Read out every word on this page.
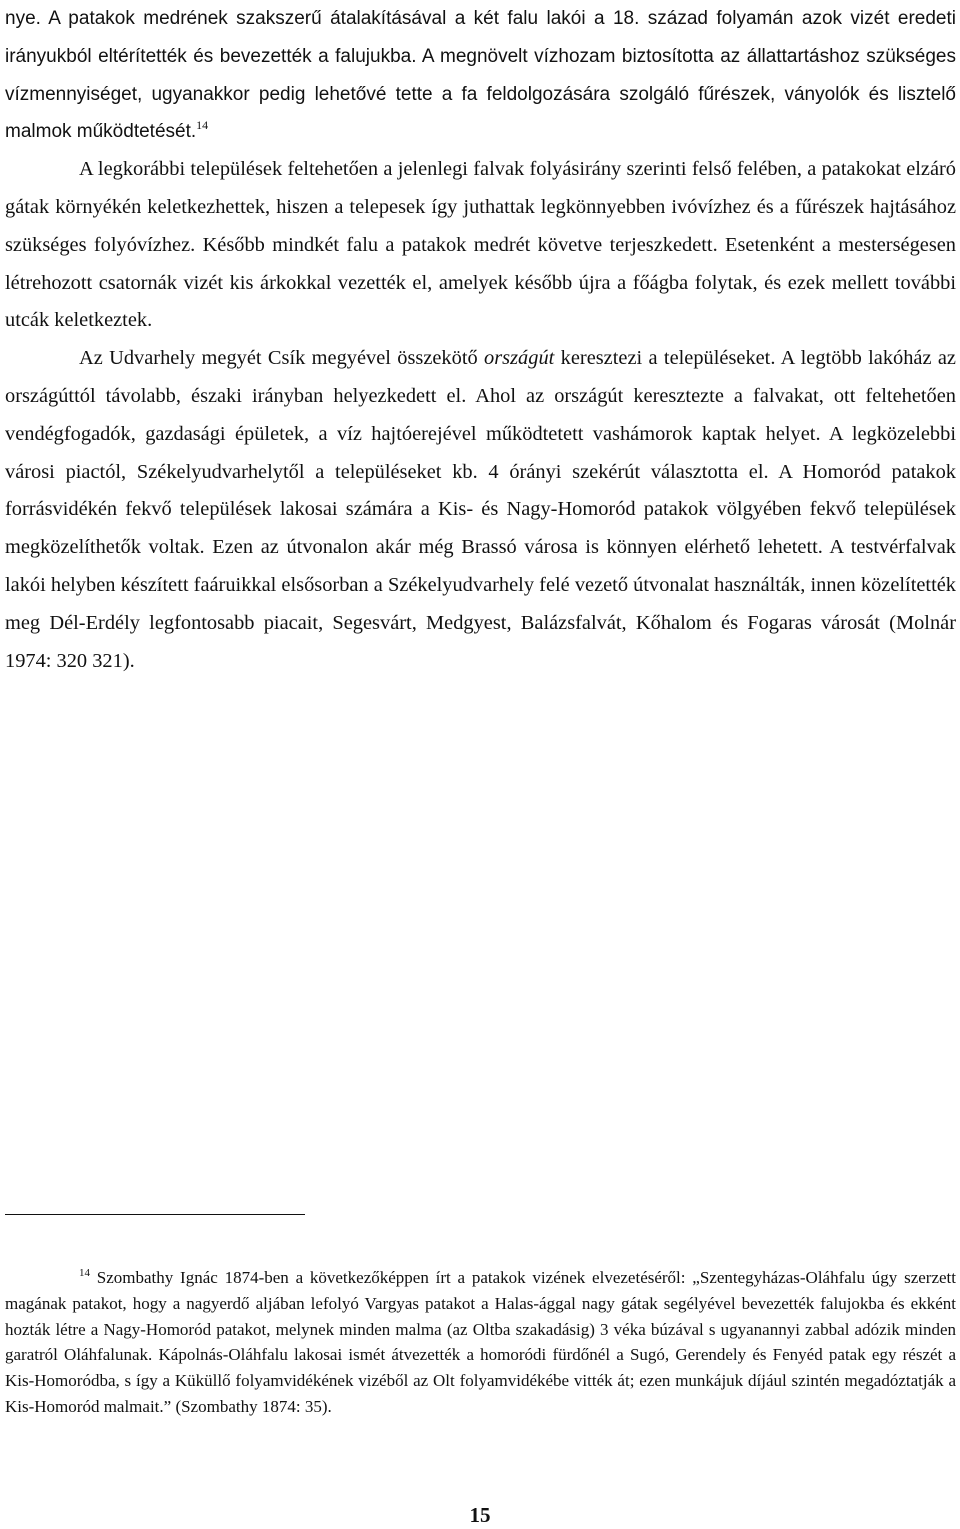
nye. A patakok medrének szakszerű átalakításával a két falu lakói a 18. század folyamán azok vizét eredeti irányukból eltérítették és bevezették a falujukba. A megnövelt vízhozam biztosította az állattartáshoz szükséges vízmennyiséget, ugyanakkor pedig lehetővé tette a fa feldolgozására szolgáló fűrészek, ványolók és lisztelő malmok működtetését.$^{14}$

A legkorábbi települések feltehetően a jelenlegi falvak folyásirány szerinti felső felében, a patakokat elzáró gátak környékén keletkezhettek, hiszen a telepesek így juthattak legkönnyebben ivóvízhez és a fűrészek hajtásához szükséges folyóvízhez. Később mindkét falu a patakok medrét követve terjeszkedett. Esetenként a mesterségesen létrehozott csatornák vizét kis árkokkal vezették el, amelyek később újra a főágba folytak, és ezek mellett további utcák keletkeztek.

Az Udvarhely megyét Csík megyével összekötő országút keresztezi a településeket. A legtöbb lakóház az országúttól távolabb, északi irányban helyezkedett el. Ahol az országút keresztezte a falvakat, ott feltehetően vendégfogadók, gazdasági épületek, a víz hajtóerejével működtetett vashámorok kaptak helyet. A legközelebbi városi piactól, Székelyudvarhelytől a településeket kb. 4 órányi szekérút választotta el. A Homoród patakok forrásvidékén fekvő települések lakosai számára a Kis- és Nagy-Homoród patakok völgyében fekvő települések megközelíthetők voltak. Ezen az útvonalon akár még Brassó városa is könnyen elérhető lehetett. A testvérfalvak lakói helyben készített faáruikkal elsősorban a Székelyudvarhely felé vezető útvonalat használták, innen közelítették meg Dél-Erdély legfontosabb piacait, Segesvárt, Medgyest, Balázsfalvát, Kőhalom és Fogaras városát (Molnár 1974: 320 321).

$^{14}$ Szombathy Ignác 1874-ben a következőképpen írt a patakok vizének elvezetéséről: „Szentegyházas-Oláhfalu úgy szerzett magának patakot, hogy a nagyerdő aljában lefolyó Vargyas patakot a Halas-ággal nagy gátak segélyével bevezették falujokba és ekként hozták létre a Nagy-Homoród patakot, melynek minden malma (az Oltba szakadásig) 3 véka búzával s ugyanannyi zabbal adózik minden garatról Oláhfalunak. Kápolnás-Oláhfalu lakosai ismét átvezették a homoródi fürdőnél a Sugó, Gerendely és Fenyéd patak egy részét a Kis-Homoródba, s így a Küküllő folyamvidékének vizéből az Olt folyamvidékébe vitték át; ezen munkájuk díjául szintén megadóztatják a Kis-Homoród malmait.” (Szombathy 1874: 35).

15
